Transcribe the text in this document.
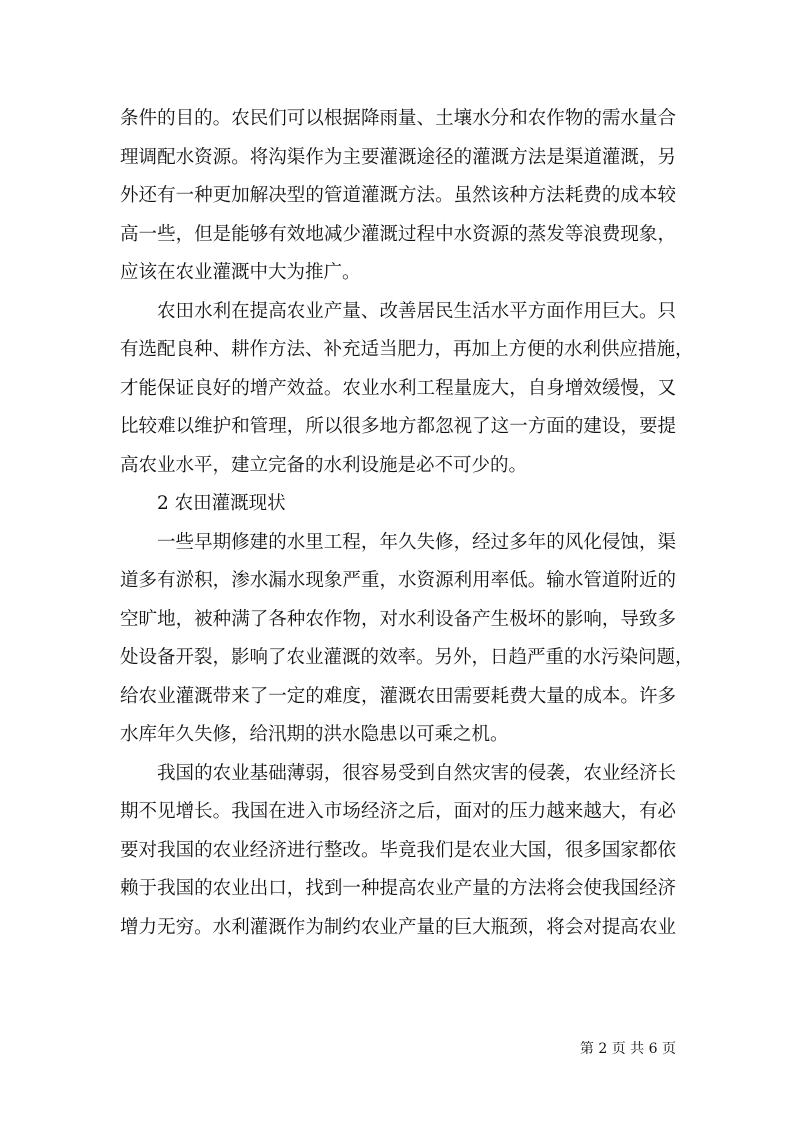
条件的目的。农民们可以根据降雨量、土壤水分和农作物的需水量合
理调配水资源。将沟渠作为主要灌溉途径的灌溉方法是渠道灌溉，另
外还有一种更加解决型的管道灌溉方法。虽然该种方法耗费的成本较
高一些，但是能够有效地减少灌溉过程中水资源的蒸发等浪费现象，
应该在农业灌溉中大为推广。
农田水利在提高农业产量、改善居民生活水平方面作用巨大。只
有选配良种、耕作方法、补充适当肥力，再加上方便的水利供应措施，
才能保证良好的增产效益。农业水利工程量庞大，自身增效缓慢，又
比较难以维护和管理，所以很多地方都忽视了这一方面的建设，要提
高农业水平，建立完备的水利设施是必不可少的。
2 农田灌溉现状
一些早期修建的水里工程，年久失修，经过多年的风化侵蚀，渠
道多有淤积，渗水漏水现象严重，水资源利用率低。输水管道附近的
空旷地，被种满了各种农作物，对水利设备产生极坏的影响，导致多
处设备开裂，影响了农业灌溉的效率。另外，日趋严重的水污染问题，
给农业灌溉带来了一定的难度，灌溉农田需要耗费大量的成本。许多
水库年久失修，给汛期的洪水隐患以可乘之机。
我国的农业基础薄弱，很容易受到自然灾害的侵袭，农业经济长
期不见增长。我国在进入市场经济之后，面对的压力越来越大，有必
要对我国的农业经济进行整改。毕竟我们是农业大国，很多国家都依
赖于我国的农业出口，找到一种提高农业产量的方法将会使我国经济
增力无穷。水利灌溉作为制约农业产量的巨大瓶颈，将会对提高农业
第 2 页 共 6 页
